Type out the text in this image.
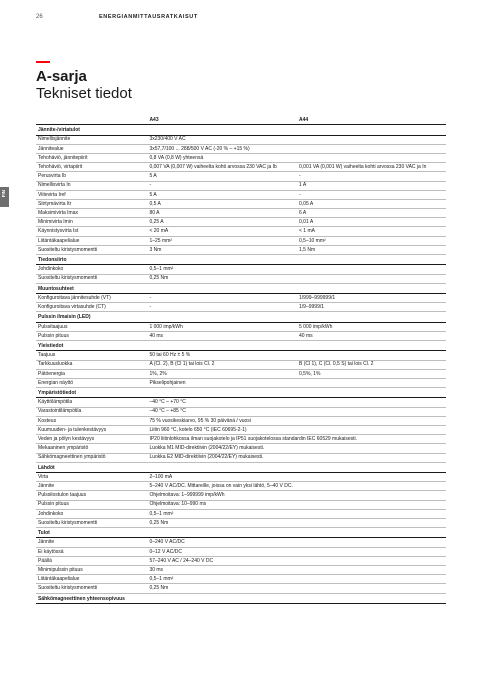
26	ENERGIANMITTAUSRATKAISUT
FIN
A-sarja
Tekniset tiedot
	A43	A44
Jännite-/virtatulot		
Nimellisjännite	3x230/400 V AC	
Jännitealue	3x57,7/100 ... 288/500 V AC (-20 % – +15 %)	
Tehohäviö, jännitepiirit	0,8 VA (0,8 W) yhteensä	
Tehohäviö, virtapiirit	0,007 VA (0,007 W) vaiheelta kohti arvossa 230 VAC ja Ib	0,001 VA (0,001 W) vaiheelta kohti arvossa 230 VAC ja In
Perusvirta Ib	5 A	-
Nimellisvirta In	-	1 A
Viitevirta Iref	5 A	-
Siirtymävirta Itr	0,5 A	0,05 A
Maksimivirta Imax	80 A	6 A
Minimivirta Imin	0,25 A	0,01 A
Käynnistysvirta Ist	< 20 mA	< 1 mA
Liitäntäkaapelialue	1–25 mm²	0,5–10 mm²
Suositeltu kiristysmomentti	3 Nm	1,5 Nm
Tiedonsiirto		
Johdinkoko	0,5–1 mm²	
Suositeltu kiristysmomentti	0,25 Nm	
Muuntosuhteet		
Konfiguroitava jännitesuhde (VT)	-	1/999–999999/1
Konfiguroitava virtasuhde (CT)	-	1/9–9999/1
Pulssin ilmaisin (LED)		
Pulssitaajuus	1 000 imp/kWh	5 000 imp/kWh
Pulssin pituus	40 ms	40 ms
Yleistiedot		
Taajuus	50 tai 60 Hz ± 5 %	
Tarkkuusluokka	A (Cl. 2), B (Cl 1) tai lois Cl. 2	B (Cl 1), C (Cl. 0,5 S) tai lois Cl. 2
Pätöenergia	1%, 2%	0,5%, 1%
Energian näyttö	Pikselipohjainen	
Ympäristötiedot		
Käyttölämpötila	–40 °C – +70 °C	
Varastointilämpötila	–40 °C – +85 °C	
Kosteus	75 % vuosikeskiarvo, 95 % 30 päivänä / vuosi	
Kuumuuden- ja tulenkestävyys	Liitin 960 °C, kotelo 650 °C (IEC 60695-2-1)	
Veden ja pölyn kestävyys	IP20 liitinlohkossa ilman suojakotelo ja IP51 suojakotelossa standardin IEC 60529 mukaisesti.	
Mekaaninen ympäristö	Luokka M1 MID-direktiivin (2004/22/EY) mukaisesti.	
Sähkömagneettinen ympäristö	Luokka E2 MID-direktiivin (2004/22/EY) mukaisesti.	
Lähdöt		
Virta	2–100 mA	
Jännite	5–240 V AC/DC. Mittareille, joissa on vain yksi lähtö, 5–40 V DC.	
Pulssilostulon taajuus	Ohjelmoitava: 1–999999 imp/kWh	
Pulssin pituus	Ohjelmoitava: 10–990 ms	
Johdinkoko	0,5–1 mm²	
Suositeltu kiristysmomentti	0,25 Nm	
Tulot		
Jännite	0–240 V AC/DC	
Ei käytössä	0–12 V AC/DC	
Päällä	57–240 V AC / 24–240 V DC	
Minimipulssin pituus	30 ms	
Liitäntäkaapelialue	0,5–1 mm²	
Suositeltu kiristysmomentti	0,25 Nm	
Sähkömagneettinen yhteensopivuus		
